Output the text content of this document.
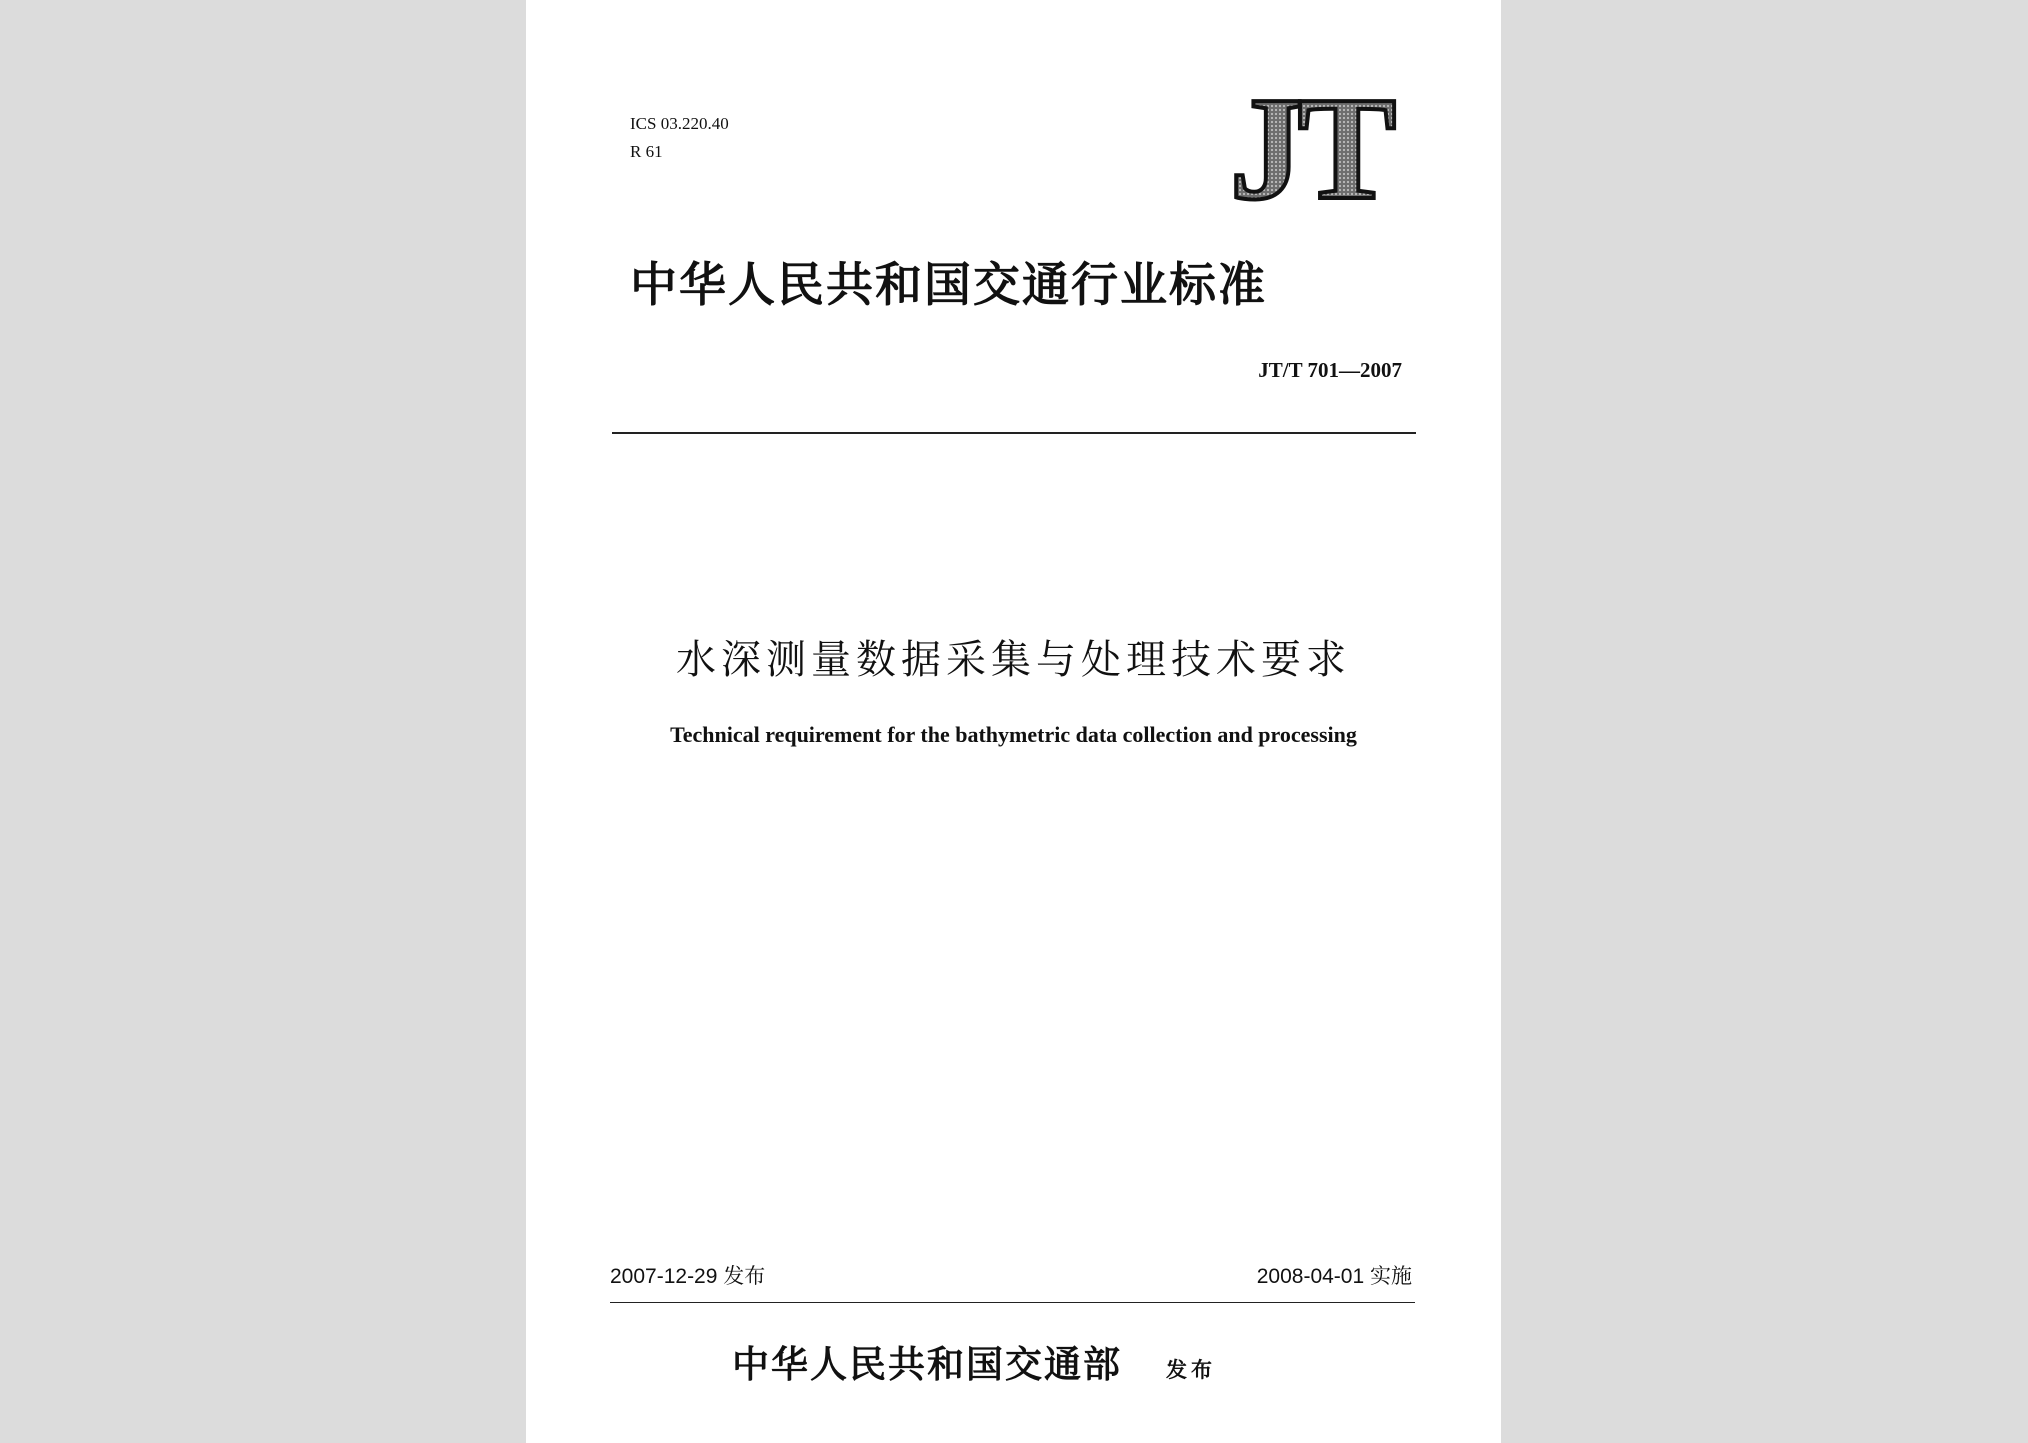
ICS 03.220.40
R 61	JT
中华人民共和国交通行业标准
JT/T 701—2007
水深测量数据采集与处理技术要求
Technical requirement for the bathymetric data collection and processing
2007-12-29 发布	2008-04-01 实施
中华人民共和国交通部 发布
